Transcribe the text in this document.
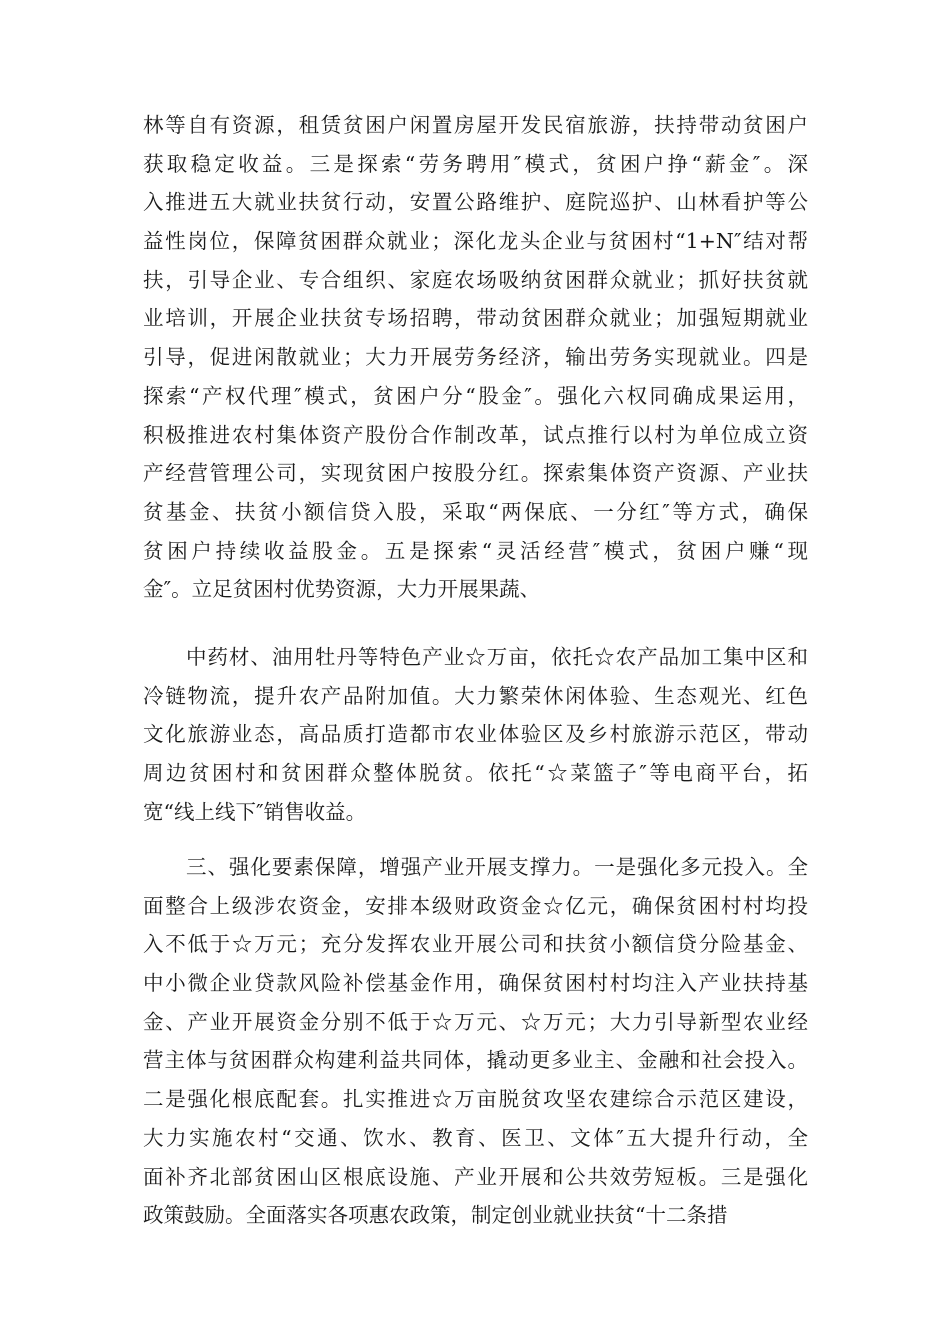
林等自有资源，租赁贫困户闲置房屋开发民宿旅游，扶持带动贫困户
获取稳定收益。三是探索“劳务聘用″模式，贫困户挣“薪金″。深
入推进五大就业扶贫行动，安置公路维护、庭院巡护、山林看护等公
益性岗位，保障贫困群众就业；深化龙头企业与贫困村“1+N″结对帮
扶，引导企业、专合组织、家庭农场吸纳贫困群众就业；抓好扶贫就
业培训，开展企业扶贫专场招聘，带动贫困群众就业；加强短期就业
引导，促进闲散就业；大力开展劳务经济，输出劳务实现就业。四是
探索“产权代理″模式，贫困户分“股金″。强化六权同确成果运用，
积极推进农村集体资产股份合作制改革，试点推行以村为单位成立资
产经营管理公司，实现贫困户按股分红。探索集体资产资源、产业扶
贫基金、扶贫小额信贷入股，采取“两保底、一分红″等方式，确保
贫困户持续收益股金。五是探索“灵活经营″模式，贫困户赚“现
金″。立足贫困村优势资源，大力开展果蔬、
　　中药材、油用牡丹等特色产业☆万亩，依托☆农产品加工集中区和
冷链物流，提升农产品附加值。大力繁荣休闲体验、生态观光、红色
文化旅游业态，高品质打造都市农业体验区及乡村旅游示范区，带动
周边贫困村和贫困群众整体脱贫。依托“☆菜篮子″等电商平台，拓
宽“线上线下″销售收益。
　　三、强化要素保障，增强产业开展支撑力。一是强化多元投入。全
面整合上级涉农资金，安排本级财政资金☆亿元，确保贫困村村均投
入不低于☆万元；充分发挥农业开展公司和扶贫小额信贷分险基金、
中小微企业贷款风险补偿基金作用，确保贫困村村均注入产业扶持基
金、产业开展资金分别不低于☆万元、☆万元；大力引导新型农业经
营主体与贫困群众构建利益共同体，撬动更多业主、金融和社会投入。
二是强化根底配套。扎实推进☆万亩脱贫攻坚农建综合示范区建设，
大力实施农村“交通、饮水、教育、医卫、文体″五大提升行动，全
面补齐北部贫困山区根底设施、产业开展和公共效劳短板。三是强化
政策鼓励。全面落实各项惠农政策，制定创业就业扶贫“十二条措
